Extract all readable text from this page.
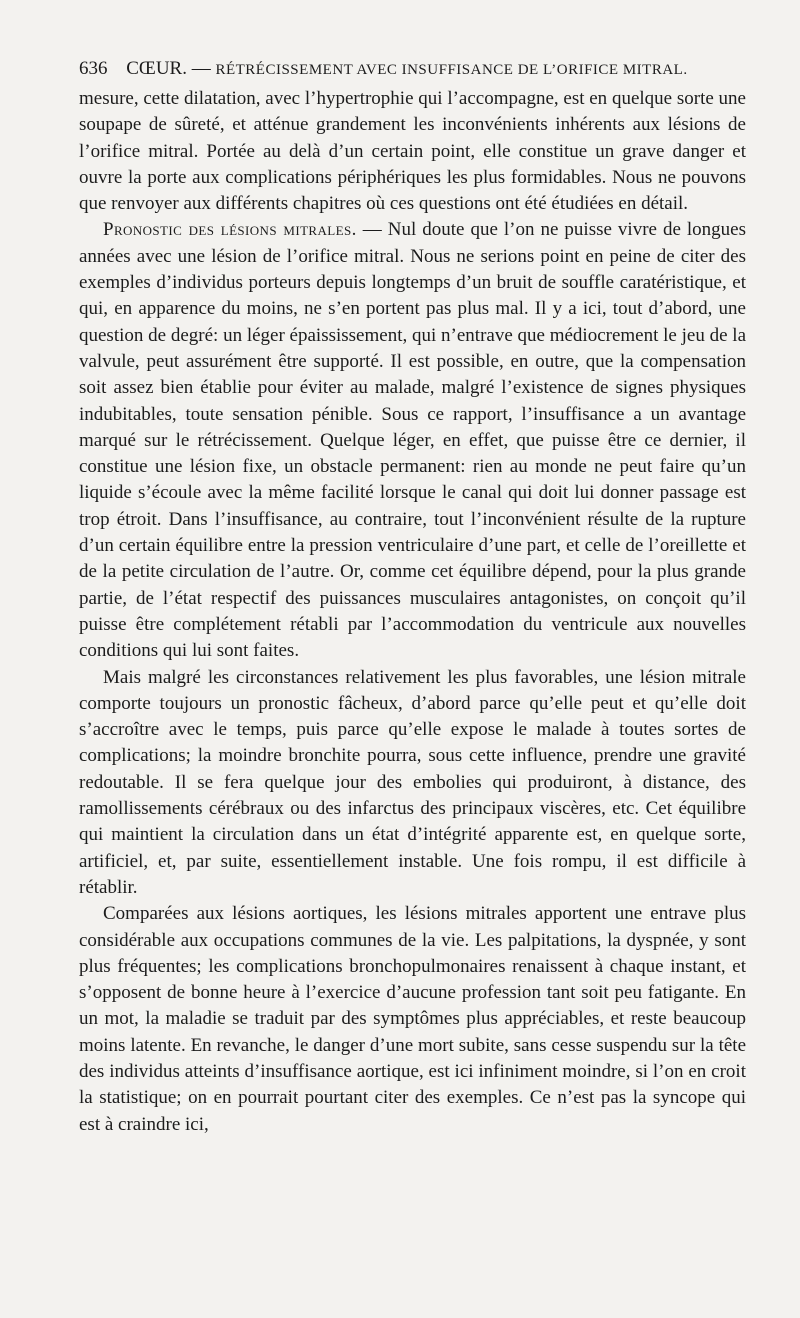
636 CŒUR. — RÉTRÉCISSEMENT AVEC INSUFFISANCE DE L’ORIFICE MITRAL.

mesure, cette dilatation, avec l’hypertrophie qui l’accompagne, est en quelque sorte une soupape de sûreté, et atténue grandement les inconvénients inhérents aux lésions de l’orifice mitral. Portée au delà d’un certain point, elle constitue un grave danger et ouvre la porte aux complications périphériques les plus formidables. Nous ne pouvons que renvoyer aux différents chapitres où ces questions ont été étudiées en détail.

Pronostic des lésions mitrales. — Nul doute que l’on ne puisse vivre de longues années avec une lésion de l’orifice mitral. Nous ne serions point en peine de citer des exemples d’individus porteurs depuis longtemps d’un bruit de souffle caratéristique, et qui, en apparence du moins, ne s’en portent pas plus mal. Il y a ici, tout d’abord, une question de degré: un léger épaississement, qui n’entrave que médiocrement le jeu de la valvule, peut assurément être supporté. Il est possible, en outre, que la compensation soit assez bien établie pour éviter au malade, malgré l’existence de signes physiques indubitables, toute sensation pénible. Sous ce rapport, l’insuffisance a un avantage marqué sur le rétrécissement. Quelque léger, en effet, que puisse être ce dernier, il constitue une lésion fixe, un obstacle permanent: rien au monde ne peut faire qu’un liquide s’écoule avec la même facilité lorsque le canal qui doit lui donner passage est trop étroit. Dans l’insuffisance, au contraire, tout l’inconvénient résulte de la rupture d’un certain équilibre entre la pression ventriculaire d’une part, et celle de l’oreillette et de la petite circulation de l’autre. Or, comme cet équilibre dépend, pour la plus grande partie, de l’état respectif des puissances musculaires antagonistes, on conçoit qu’il puisse être complétement rétabli par l’accommodation du ventricule aux nouvelles conditions qui lui sont faites.

Mais malgré les circonstances relativement les plus favorables, une lésion mitrale comporte toujours un pronostic fâcheux, d’abord parce qu’elle peut et qu’elle doit s’accroître avec le temps, puis parce qu’elle expose le malade à toutes sortes de complications; la moindre bronchite pourra, sous cette influence, prendre une gravité redoutable. Il se fera quelque jour des embolies qui produiront, à distance, des ramollissements cérébraux ou des infarctus des principaux viscères, etc. Cet équilibre qui maintient la circulation dans un état d’intégrité apparente est, en quelque sorte, artificiel, et, par suite, essentiellement instable. Une fois rompu, il est difficile à rétablir.

Comparées aux lésions aortiques, les lésions mitrales apportent une entrave plus considérable aux occupations communes de la vie. Les palpitations, la dyspnée, y sont plus fréquentes; les complications bronchopulmonaires renaissent à chaque instant, et s’opposent de bonne heure à l’exercice d’aucune profession tant soit peu fatigante. En un mot, la maladie se traduit par des symptômes plus appréciables, et reste beaucoup moins latente. En revanche, le danger d’une mort subite, sans cesse suspendu sur la tête des individus atteints d’insuffisance aortique, est ici infiniment moindre, si l’on en croit la statistique; on en pourrait pourtant citer des exemples. Ce n’est pas la syncope qui est à craindre ici,
